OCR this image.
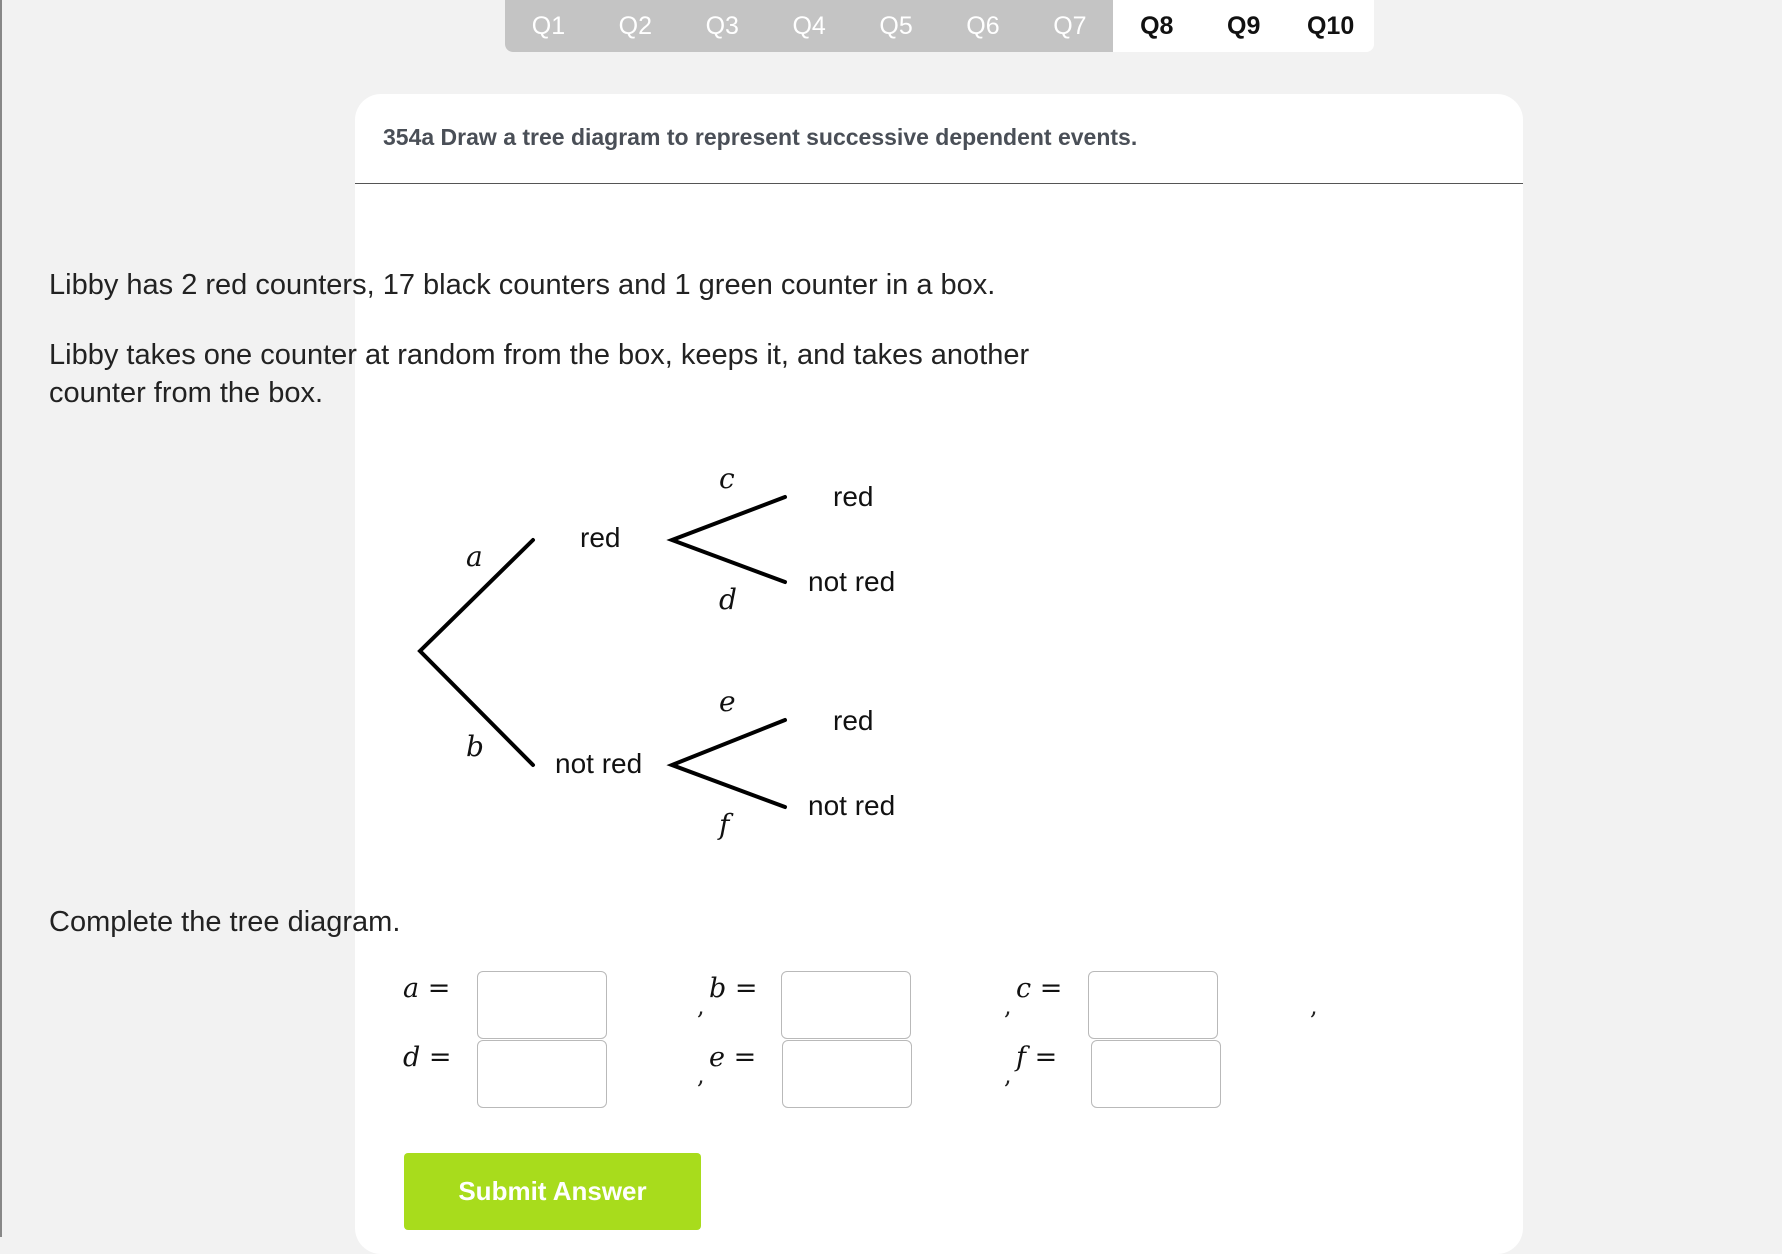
Q1	Q2	Q3	Q4	Q5	Q6	Q7	Q8	Q9	Q10
354a Draw a tree diagram to represent successive dependent events.
Libby has 2 red counters, 17 black counters and 1 green counter in a box.
Libby takes one counter at random from the box, keeps it, and takes another counter from the box.
a
b
c
d
e
f
red
not red
red
not red
red
not red
Complete the tree diagram.
a =
,
b =
,
c =
,
d =
,
e =
,
f =
Submit Answer
